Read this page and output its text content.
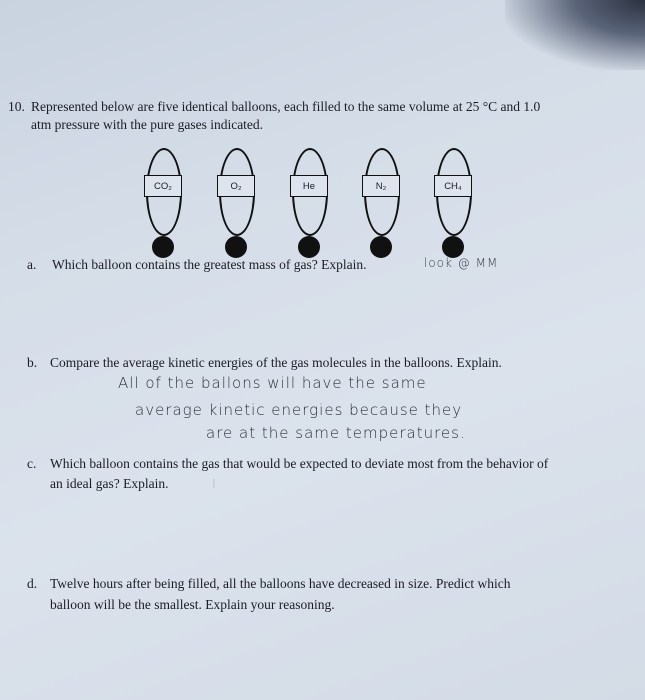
10. Represented below are five identical balloons, each filled to the same volume at 25 °C and 1.0
atm pressure with the pure gases indicated.
CO₂	O₂	He	N₂	CH₄
a. Which balloon contains the greatest mass of gas? Explain.	look @ MM
b. Compare the average kinetic energies of the gas molecules in the balloons. Explain.
All of the ballons will have the same
average kinetic energies because they
are at the same temperatures.
c. Which balloon contains the gas that would be expected to deviate most from the behavior of
an ideal gas? Explain.	I
d. Twelve hours after being filled, all the balloons have decreased in size. Predict which
balloon will be the smallest. Explain your reasoning.
